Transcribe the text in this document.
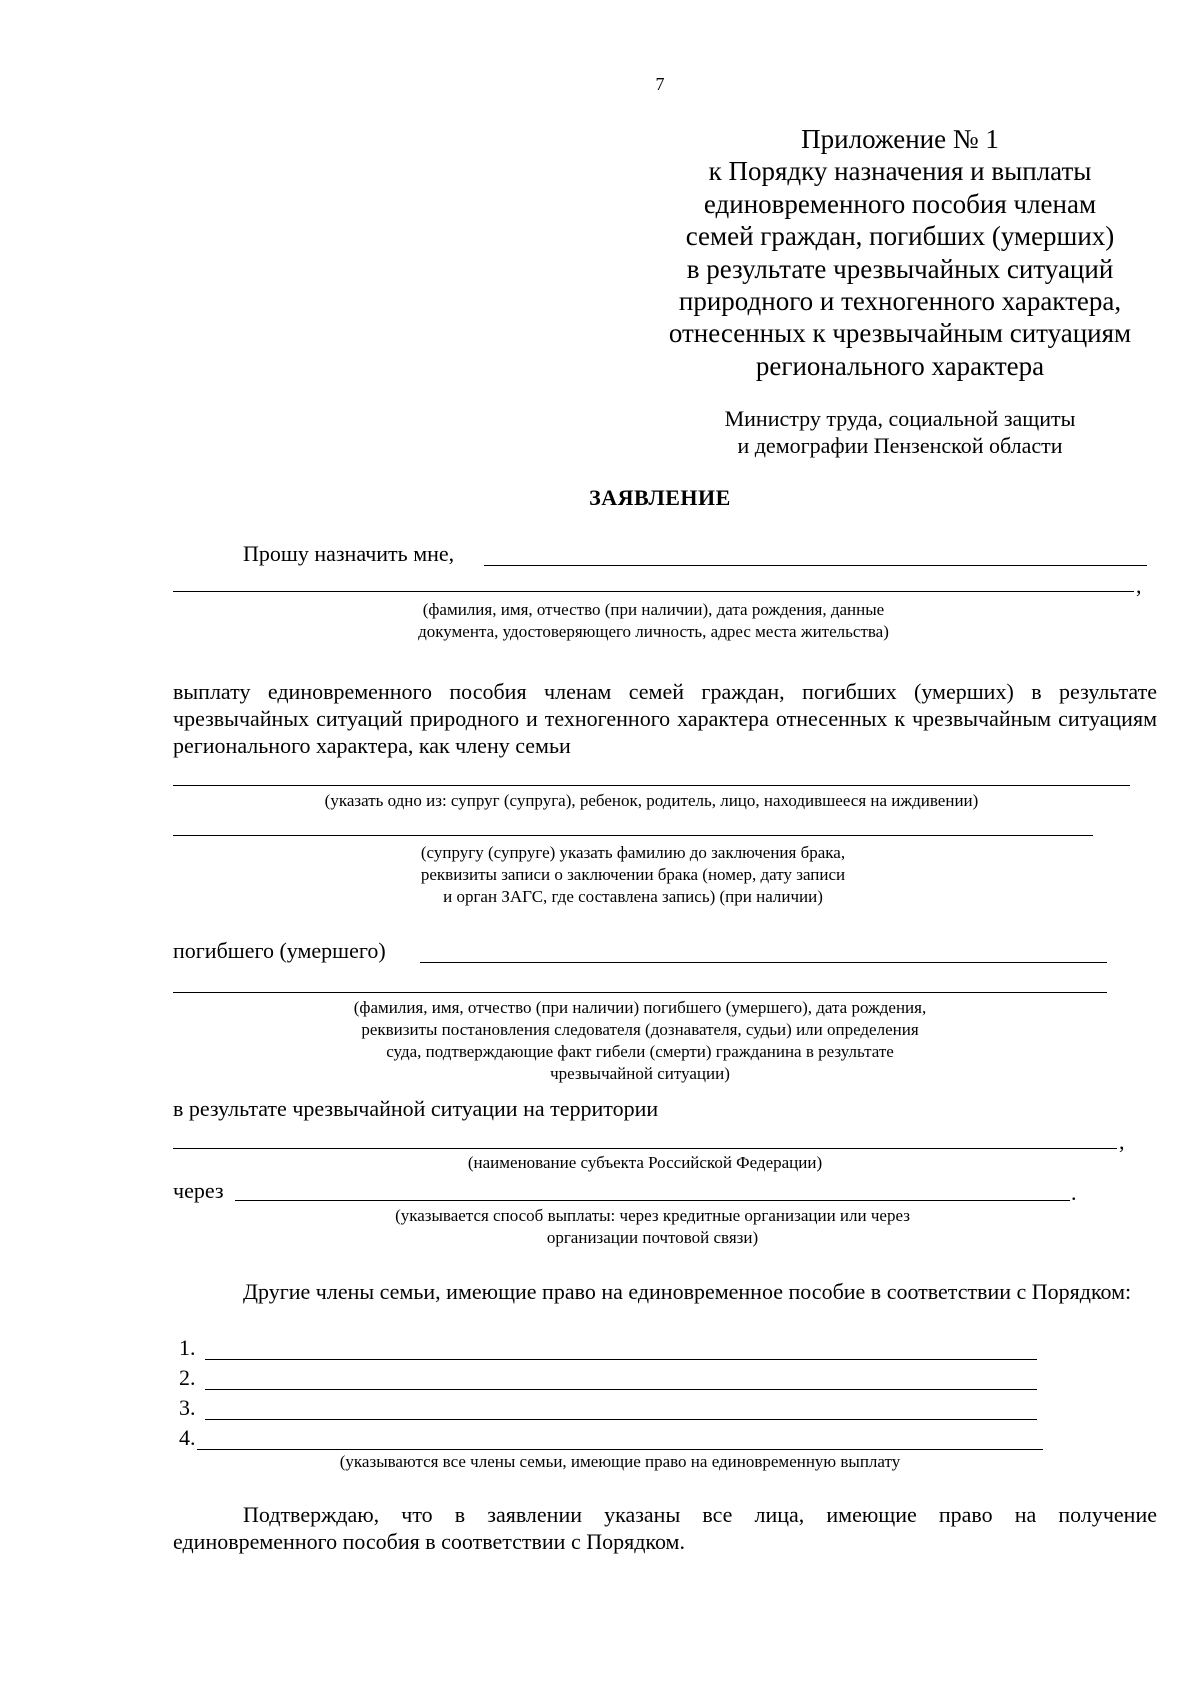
7
Приложение № 1
к Порядку назначения и выплаты
единовременного пособия членам
семей граждан, погибших (умерших)
в результате чрезвычайных ситуаций
природного и техногенного характера,
отнесенных к чрезвычайным ситуациям
регионального характера
Министру труда, социальной защиты
и демографии Пензенской области
ЗАЯВЛЕНИЕ
Прошу назначить мне,
,
(фамилия, имя, отчество (при наличии), дата рождения, данные
документа, удостоверяющего личность, адрес места жительства)
выплату единовременного пособия членам семей граждан, погибших (умерших) в результате чрезвычайных ситуаций природного и техногенного характера отнесенных к чрезвычайным ситуациям регионального характера, как члену семьи
(указать одно из: супруг (супруга), ребенок, родитель, лицо, находившееся на иждивении)
(супругу (супруге) указать фамилию до заключения брака,
реквизиты записи о заключении брака (номер, дату записи
и орган ЗАГС, где составлена запись) (при наличии)
погибшего (умершего)
(фамилия, имя, отчество (при наличии) погибшего (умершего), дата рождения,
реквизиты постановления следователя (дознавателя, судьи) или определения
суда, подтверждающие факт гибели (смерти) гражданина в результате
чрезвычайной ситуации)
в результате чрезвычайной ситуации на территории
,
(наименование субъекта Российской Федерации)
через	.
(указывается способ выплаты: через кредитные организации или через
организации почтовой связи)
Другие члены семьи, имеющие право на единовременное пособие в соответствии с Порядком:
1.
2.
3.
4.
(указываются все члены семьи, имеющие право на единовременную выплату
Подтверждаю, что в заявлении указаны все лица, имеющие право на получение единовременного пособия в соответствии с Порядком.
